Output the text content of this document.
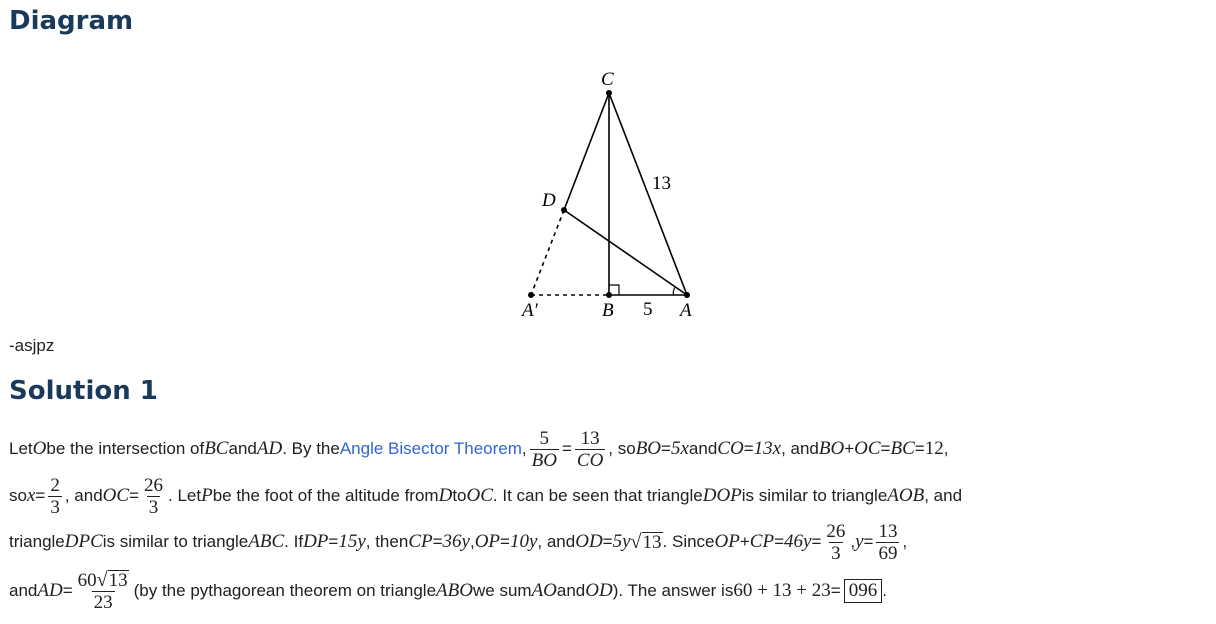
Diagram
C
D
A′	B	A
13
5
-asjpz
Solution 1
Let O be the intersection of BC and AD . By the Angle Bisector Theorem , $\frac{5}{BO} = \frac{13}{CO}$ , so BO = 5x and CO = 13x , and BO + OC = BC = 12 ,
so $x = \frac{2}{3}$ , and OC = $\frac{26}{3}$ . Let P be the foot of the altitude from D to OC . It can be seen that triangle DOP is similar to triangle AOB , and
triangle DPC is similar to triangle ABC . If DP = 15y , then CP = 36y , OP = 10y , and OD = 5y √ 13 . Since OP + CP = $46y = \frac{26}{3}$ , $y = \frac{13}{69}$ ,
and AD = $\frac{60 √ 13}{23} (by$ the pythagorean theorem on triangle ABO we sum AO and OD ). The answer is 60 + 13 + 23 = 096 .
